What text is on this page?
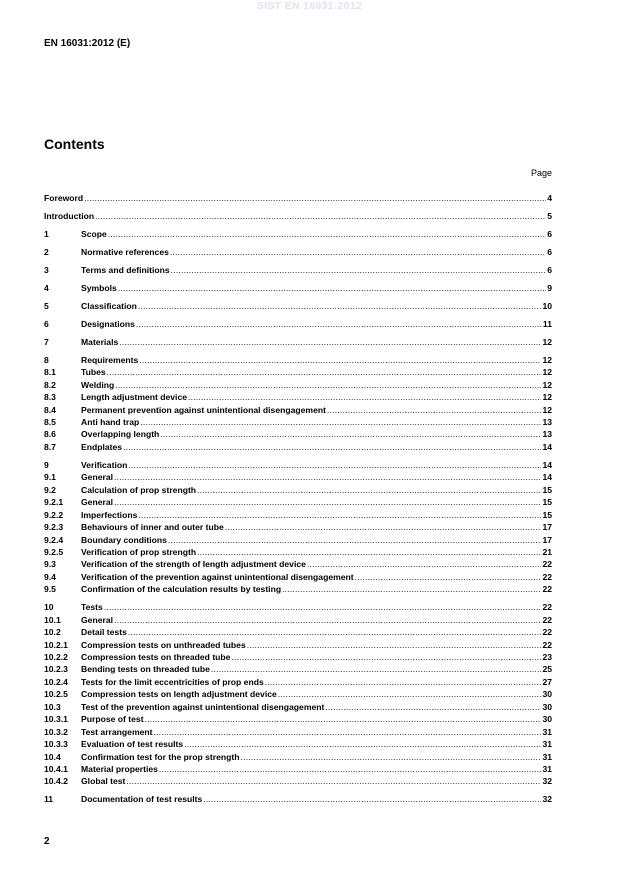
SIST EN 16031:2012
EN 16031:2012 (E)
Contents
Page
Foreword .....	4
Introduction .....	5
1	Scope .....	6
2	Normative references .....	6
3	Terms and definitions .....	6
4	Symbols .....	9
5	Classification .....	10
6	Designations .....	11
7	Materials .....	12
8	Requirements .....	12
8.1	Tubes .....	12
8.2	Welding .....	12
8.3	Length adjustment device .....	12
8.4	Permanent prevention against unintentional disengagement .....	12
8.5	Anti hand trap .....	13
8.6	Overlapping length .....	13
8.7	Endplates .....	14
9	Verification .....	14
9.1	General .....	14
9.2	Calculation of prop strength .....	15
9.2.1	General .....	15
9.2.2	Imperfections .....	15
9.2.3	Behaviours of inner and outer tube .....	17
9.2.4	Boundary conditions .....	17
9.2.5	Verification of prop strength .....	21
9.3	Verification of the strength of length adjustment device .....	22
9.4	Verification of the prevention against unintentional disengagement .....	22
9.5	Confirmation of the calculation results by testing .....	22
10	Tests .....	22
10.1	General .....	22
10.2	Detail tests .....	22
10.2.1	Compression tests on unthreaded tubes .....	22
10.2.2	Compression tests on threaded tube .....	23
10.2.3	Bending tests on threaded tube .....	25
10.2.4	Tests for the limit eccentricities of prop ends .....	27
10.2.5	Compression tests on length adjustment device .....	30
10.3	Test of the prevention against unintentional disengagement .....	30
10.3.1	Purpose of test .....	30
10.3.2	Test arrangement .....	31
10.3.3	Evaluation of test results .....	31
10.4	Confirmation test for the prop strength .....	31
10.4.1	Material properties .....	31
10.4.2	Global test .....	32
11	Documentation of test results .....	32
2
